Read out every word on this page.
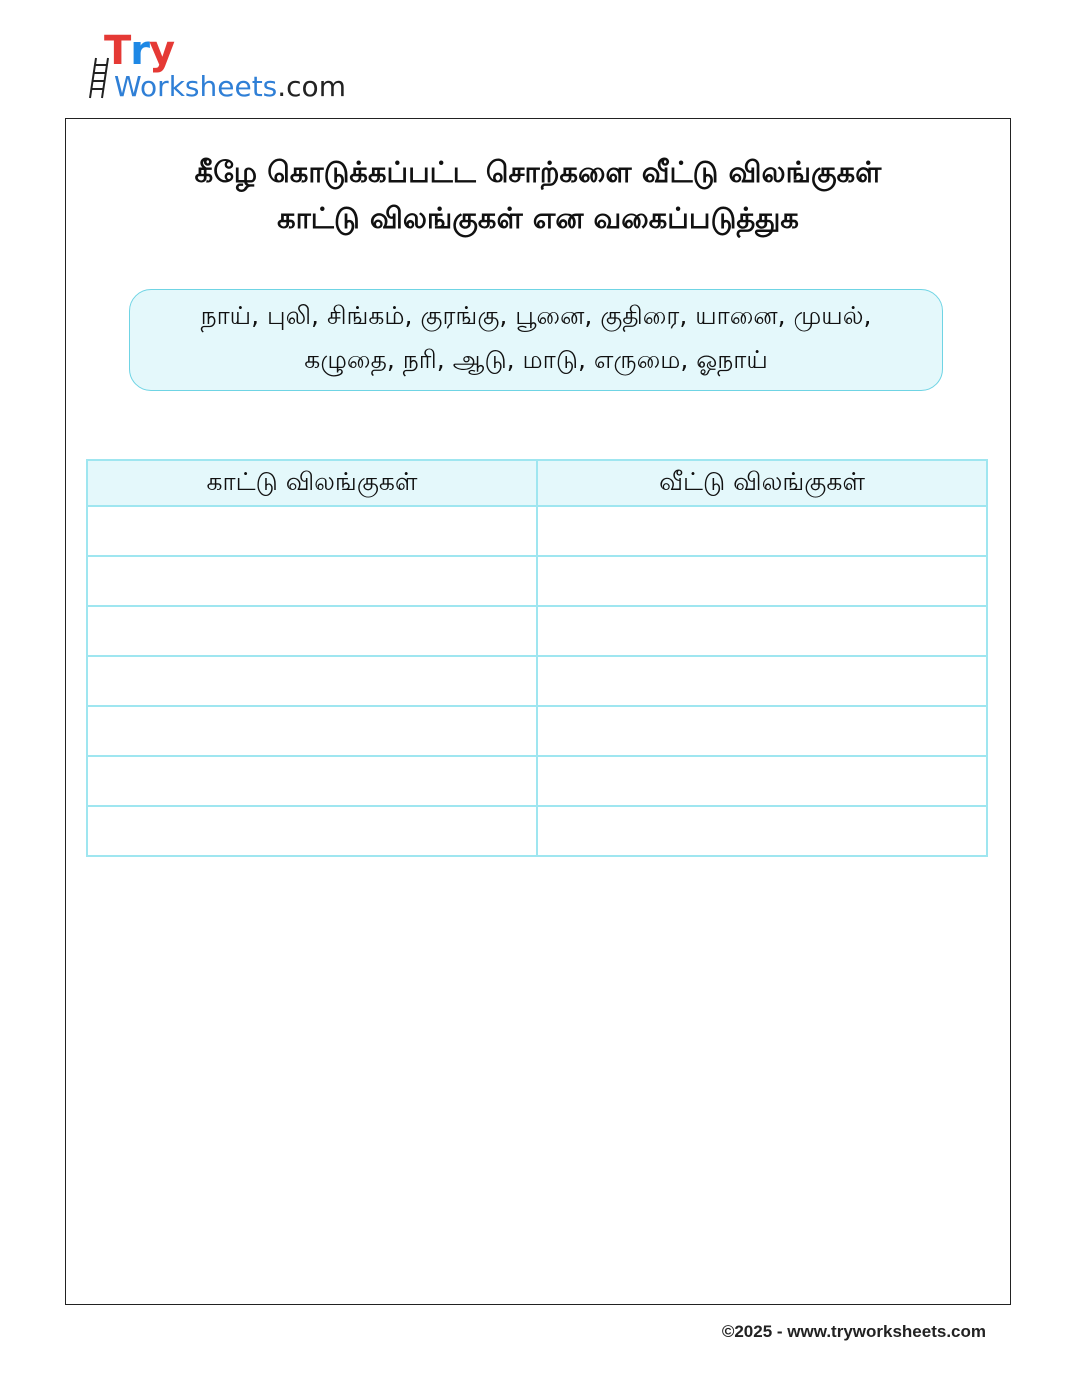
Try
Worksheets.com
கீழே கொடுக்கப்பட்ட சொற்களை வீட்டு விலங்குகள்
காட்டு விலங்குகள் என வகைப்படுத்துக
நாய், புலி, சிங்கம், குரங்கு, பூனை, குதிரை, யானை, முயல்,
கழுதை, நரி, ஆடு, மாடு, எருமை, ஓநாய்
காட்டு விலங்குகள்	வீட்டு விலங்குகள்

©2025 - www.tryworksheets.com
